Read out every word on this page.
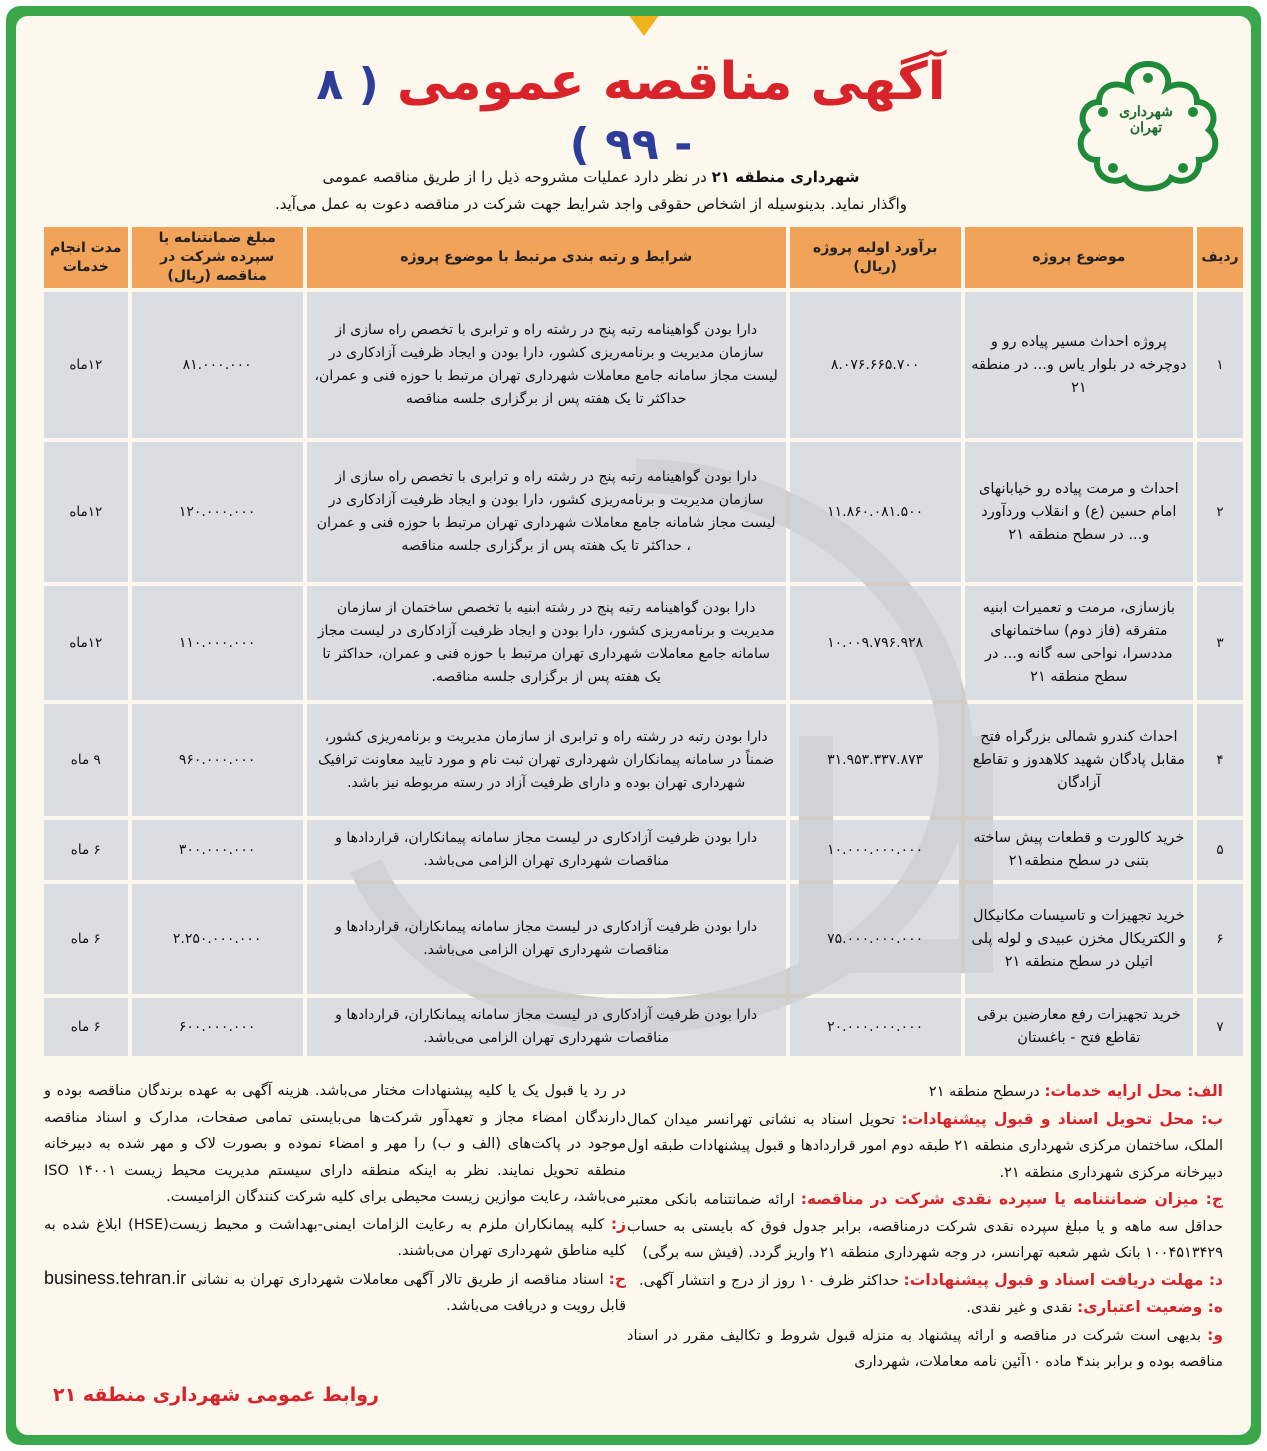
شهرداری تهران
آگهی مناقصه عمومی ( ۸ - ۹۹ )
شهرداری منطقه ۲۱ در نظر دارد عملیات مشروحه ذیل را از طریق مناقصه عمومی
واگذار نماید. بدینوسیله از اشخاص حقوقی واجد شرایط جهت شرکت در مناقصه دعوت به عمل می‌آید.
ردیف	موضوع پروژه	برآورد اولیه پروژه (ریال)	شرایط و رتبه بندی مرتبط با موضوع پروژه	مبلغ ضمانتنامه یا سپرده شرکت در مناقصه (ریال)	مدت انجام خدمات
۱	پروژه احداث مسیر پیاده رو و دوچرخه در بلوار یاس و... در منطقه ۲۱	۸.۰۷۶.۶۶۵.۷۰۰	دارا بودن گواهینامه رتبه پنج در رشته راه و ترابری با تخصص راه سازی از سازمان مدیریت و برنامه‌ریزی کشور، دارا بودن و ایجاد ظرفیت آزادکاری در لیست مجاز سامانه جامع معاملات شهرداری تهران مرتبط با حوزه فنی و عمران، حداکثر تا یک هفته پس از برگزاری جلسه مناقصه	۸۱.۰۰۰.۰۰۰	۱۲ماه
۲	احداث و مرمت پیاده رو خیابانهای امام حسین (ع) و انقلاب وردآورد و... در سطح منطقه ۲۱	۱۱.۸۶۰.۰۸۱.۵۰۰	دارا بودن گواهینامه رتبه پنج در رشته راه و ترابری با تخصص راه سازی از سازمان مدیریت و برنامه‌ریزی کشور، دارا بودن و ایجاد ظرفیت آزادکاری در لیست مجاز شامانه جامع معاملات شهرداری تهران مرتبط با حوزه فنی و عمران ، حداکثر تا یک هفته پس از برگزاری جلسه مناقصه	۱۲۰.۰۰۰.۰۰۰	۱۲ماه
۳	بازسازی، مرمت و تعمیرات ابنیه متفرقه (فاز دوم) ساختمانهای مددسرا، نواحی سه گانه و... در سطح منطقه ۲۱	۱۰.۰۰۹.۷۹۶.۹۲۸	دارا بودن گواهینامه رتبه پنج در رشته ابنیه با تخصص ساختمان از سازمان مدیریت و برنامه‌ریزی کشور، دارا بودن و ایجاد ظرفیت آزادکاری در لیست مجاز سامانه جامع معاملات شهرداری تهران مرتبط با حوزه فنی و عمران، حداکثر تا یک هفته پس از برگزاری جلسه مناقصه.	۱۱۰.۰۰۰.۰۰۰	۱۲ماه
۴	احداث کندرو شمالی بزرگراه فتح مقابل پادگان شهید کلاهدوز و تقاطع آزادگان	۳۱.۹۵۳.۳۳۷.۸۷۳	دارا بودن رتبه در رشته راه و ترابری از سازمان مدیریت و برنامه‌ریزی کشور، ضمناً در سامانه پیمانکاران شهرداری تهران ثبت نام و مورد تایید معاونت ترافیک شهرداری تهران بوده و دارای ظرفیت آزاد در رسته مربوطه نیز باشد.	۹۶۰.۰۰۰.۰۰۰	۹ ماه
۵	خرید کالورت و قطعات پیش ساخته بتنی در سطح منطقه۲۱	۱۰.۰۰۰.۰۰۰.۰۰۰	دارا بودن ظرفیت آزادکاری در لیست مجاز سامانه پیمانکاران، قراردادها و مناقصات شهرداری تهران الزامی می‌باشد.	۳۰۰.۰۰۰.۰۰۰	۶ ماه
۶	خرید تجهیزات و تاسیسات مکانیکال و الکتریکال مخزن عبیدی و لوله پلی اتیلن در سطح منطقه ۲۱	۷۵.۰۰۰.۰۰۰.۰۰۰	دارا بودن ظرفیت آزادکاری در لیست مجاز سامانه پیمانکاران، قراردادها و مناقصات شهرداری تهران الزامی می‌باشد.	۲.۲۵۰.۰۰۰.۰۰۰	۶ ماه
۷	خرید تجهیزات رفع معارضین برقی تقاطع فتح - باغستان	۲۰.۰۰۰.۰۰۰.۰۰۰	دارا بودن ظرفیت آزادکاری در لیست مجاز سامانه پیمانکاران، قراردادها و مناقصات شهرداری تهران الزامی می‌باشد.	۶۰۰.۰۰۰.۰۰۰	۶ ماه
الف: محل ارایه خدمات: درسطح منطقه ۲۱
ب: محل تحویل اسناد و قبول پیشنهادات: تحویل اسناد به نشانی تهرانسر میدان کمال الملک، ساختمان مرکزی شهرداری منطقه ۲۱ طبقه دوم امور قراردادها و قبول پیشنهادات طبقه اول دبیرخانه مرکزی شهرداری منطقه ۲۱.
ج: میزان ضمانتنامه یا سپرده نقدی شرکت در مناقصه: ارائه ضمانتنامه بانکی معتبر حداقل سه ماهه و یا مبلغ سپرده نقدی شرکت درمناقصه، برابر جدول فوق که بایستی به حساب ۱۰۰۴۵۱۳۴۲۹ بانک شهر شعبه تهرانسر، در وجه شهرداری منطقه ۲۱ واریز گردد. (فیش سه برگی)
د: مهلت دریافت اسناد و قبول پیشنهادات: حداکثر ظرف ۱۰ روز از درج و انتشار آگهی.
ه: وضعیت اعتباری: نقدی و غیر نقدی.
و: بدیهی است شرکت در مناقصه و ارائه پیشنهاد به منزله قبول شروط و تکالیف مقرر در اسناد مناقصه بوده و برابر بند۴ ماده ۱۰آئین نامه معاملات، شهرداری
در رد یا قبول یک یا کلیه پیشنهادات مختار می‌باشد. هزینه آگهی به عهده برندگان مناقصه بوده و دارندگان امضاء مجاز و تعهدآور شرکت‌ها می‌بایستی تمامی صفحات، مدارک و اسناد مناقصه موجود در پاکت‌های (الف و ب) را مهر و امضاء نموده و بصورت لاک و مهر شده به دبیرخانه منطقه تحویل نمایند. نظر به اینکه منطقه دارای سیستم مدیریت محیط زیست ISO ۱۴۰۰۱ می‌باشد، رعایت موازین زیست محیطی برای کلیه شرکت کنندگان الزامیست.
ز: کلیه پیمانکاران ملزم به رعایت الزامات ایمنی-بهداشت و محیط زیست(HSE) ابلاغ شده به کلیه مناطق شهرداری تهران می‌باشند.
ح: اسناد مناقصه از طریق تالار آگهی معاملات شهرداری تهران به نشانی business.tehran.ir قابل رویت و دریافت می‌باشد.
روابط عمومی شهرداری منطقه ۲۱
